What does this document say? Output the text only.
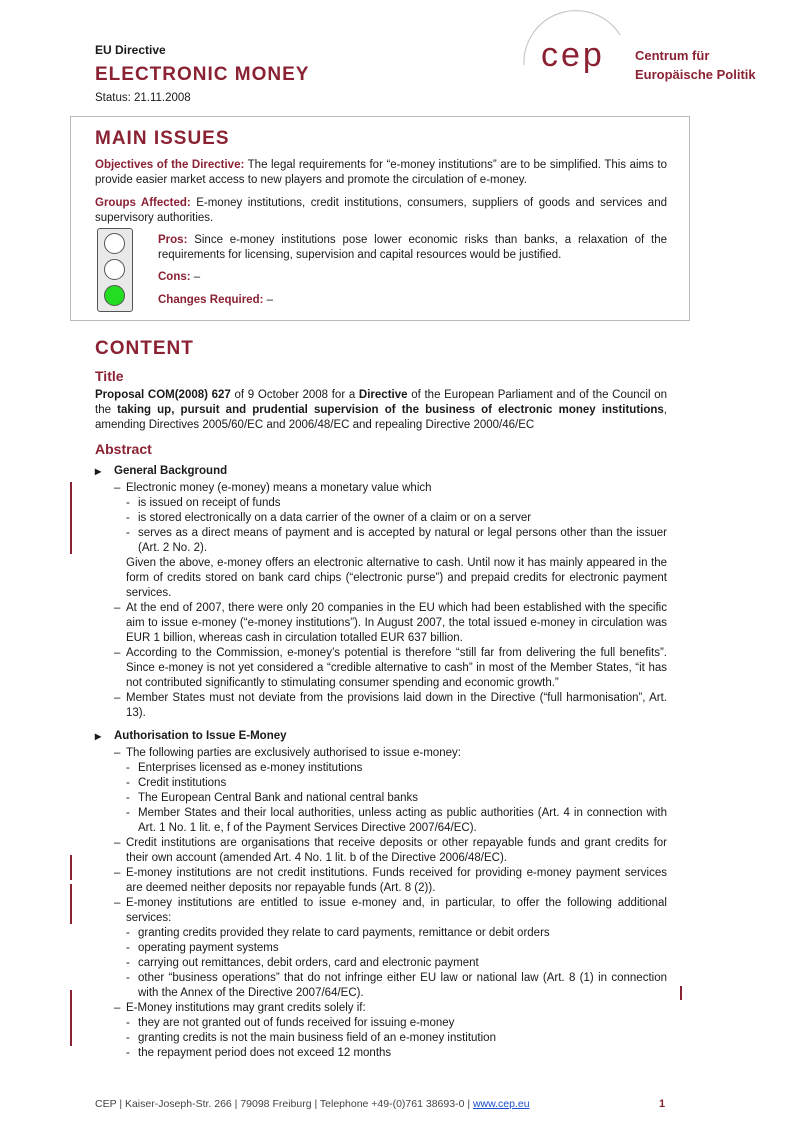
EU Directive
ELECTRONIC MONEY
Status: 21.11.2008
cep Centrum für
Europäische Politik
MAIN ISSUES
Objectives of the Directive: The legal requirements for “e-money institutions” are to be simplified. This aims to provide easier market access to new players and promote the circulation of e-money.
Groups Affected: E-money institutions, credit institutions, consumers, suppliers of goods and services and supervisory authorities.
Pros: Since e-money institutions pose lower economic risks than banks, a relaxation of the requirements for licensing, supervision and capital resources would be justified.
Cons: –
Changes Required: –
CONTENT
Title
Proposal COM(2008) 627 of 9 October 2008 for a Directive of the European Parliament and of the Council on the taking up, pursuit and prudential supervision of the business of electronic money institutions, amending Directives 2005/60/EC and 2006/48/EC and repealing Directive 2000/46/EC
Abstract
▸ General Background
– Electronic money (e-money) means a monetary value which
- is issued on receipt of funds
- is stored electronically on a data carrier of the owner of a claim or on a server
- serves as a direct means of payment and is accepted by natural or legal persons other than the issuer (Art. 2 No. 2).
Given the above, e-money offers an electronic alternative to cash. Until now it has mainly appeared in the form of credits stored on bank card chips (“electronic purse”) and prepaid credits for electronic payment services.
– At the end of 2007, there were only 20 companies in the EU which had been established with the specific aim to issue e-money (“e-money institutions”). In August 2007, the total issued e-money in circulation was EUR 1 billion, whereas cash in circulation totalled EUR 637 billion.
– According to the Commission, e-money’s potential is therefore “still far from delivering the full benefits”. Since e-money is not yet considered a “credible alternative to cash” in most of the Member States, “it has not contributed significantly to stimulating consumer spending and economic growth.”
– Member States must not deviate from the provisions laid down in the Directive (“full harmonisation”, Art. 13).
▸ Authorisation to Issue E-Money
– The following parties are exclusively authorised to issue e-money:
- Enterprises licensed as e-money institutions
- Credit institutions
- The European Central Bank and national central banks
- Member States and their local authorities, unless acting as public authorities (Art. 4 in connection with Art. 1 No. 1 lit. e, f of the Payment Services Directive 2007/64/EC).
– Credit institutions are organisations that receive deposits or other repayable funds and grant credits for their own account (amended Art. 4 No. 1 lit. b of the Directive 2006/48/EC).
– E-money institutions are not credit institutions. Funds received for providing e-money payment services are deemed neither deposits nor repayable funds (Art. 8 (2)).
– E-money institutions are entitled to issue e-money and, in particular, to offer the following additional services:
- granting credits provided they relate to card payments, remittance or debit orders
- operating payment systems
- carrying out remittances, debit orders, card and electronic payment
- other “business operations” that do not infringe either EU law or national law (Art. 8 (1) in connection with the Annex of the Directive 2007/64/EC).
– E-Money institutions may grant credits solely if:
- they are not granted out of funds received for issuing e-money
- granting credits is not the main business field of an e-money institution
- the repayment period does not exceed 12 months
CEP | Kaiser-Joseph-Str. 266 | 79098 Freiburg | Telephone +49-(0)761 38693-0 | www.cep.eu	1
